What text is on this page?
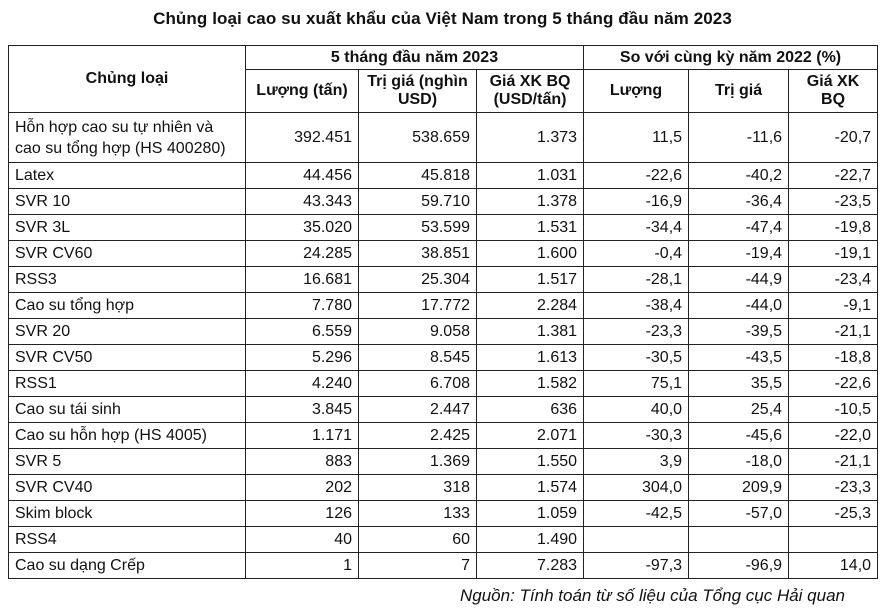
Chủng loại cao su xuất khẩu của Việt Nam trong 5 tháng đầu năm 2023
Chủng loại	5 tháng đầu năm 2023			So với cùng kỳ năm 2022 (%)		
	Lượng (tấn)	Trị giá (nghìn USD)	Giá XK BQ (USD/tấn)	Lượng	Trị giá	Giá XK BQ
Hỗn hợp cao su tự nhiên và cao su tổng hợp (HS 400280)	392.451	538.659	1.373	11,5	-11,6	-20,7
Latex	44.456	45.818	1.031	-22,6	-40,2	-22,7
SVR 10	43.343	59.710	1.378	-16,9	-36,4	-23,5
SVR 3L	35.020	53.599	1.531	-34,4	-47,4	-19,8
SVR CV60	24.285	38.851	1.600	-0,4	-19,4	-19,1
RSS3	16.681	25.304	1.517	-28,1	-44,9	-23,4
Cao su tổng hợp	7.780	17.772	2.284	-38,4	-44,0	-9,1
SVR 20	6.559	9.058	1.381	-23,3	-39,5	-21,1
SVR CV50	5.296	8.545	1.613	-30,5	-43,5	-18,8
RSS1	4.240	6.708	1.582	75,1	35,5	-22,6
Cao su tái sinh	3.845	2.447	636	40,0	25,4	-10,5
Cao su hỗn hợp (HS 4005)	1.171	2.425	2.071	-30,3	-45,6	-22,0
SVR 5	883	1.369	1.550	3,9	-18,0	-21,1
SVR CV40	202	318	1.574	304,0	209,9	-23,3
Skim block	126	133	1.059	-42,5	-57,0	-25,3
RSS4	40	60	1.490			
Cao su dạng Crếp	1	7	7.283	-97,3	-96,9	14,0
Nguồn: Tính toán từ số liệu của Tổng cục Hải quan
